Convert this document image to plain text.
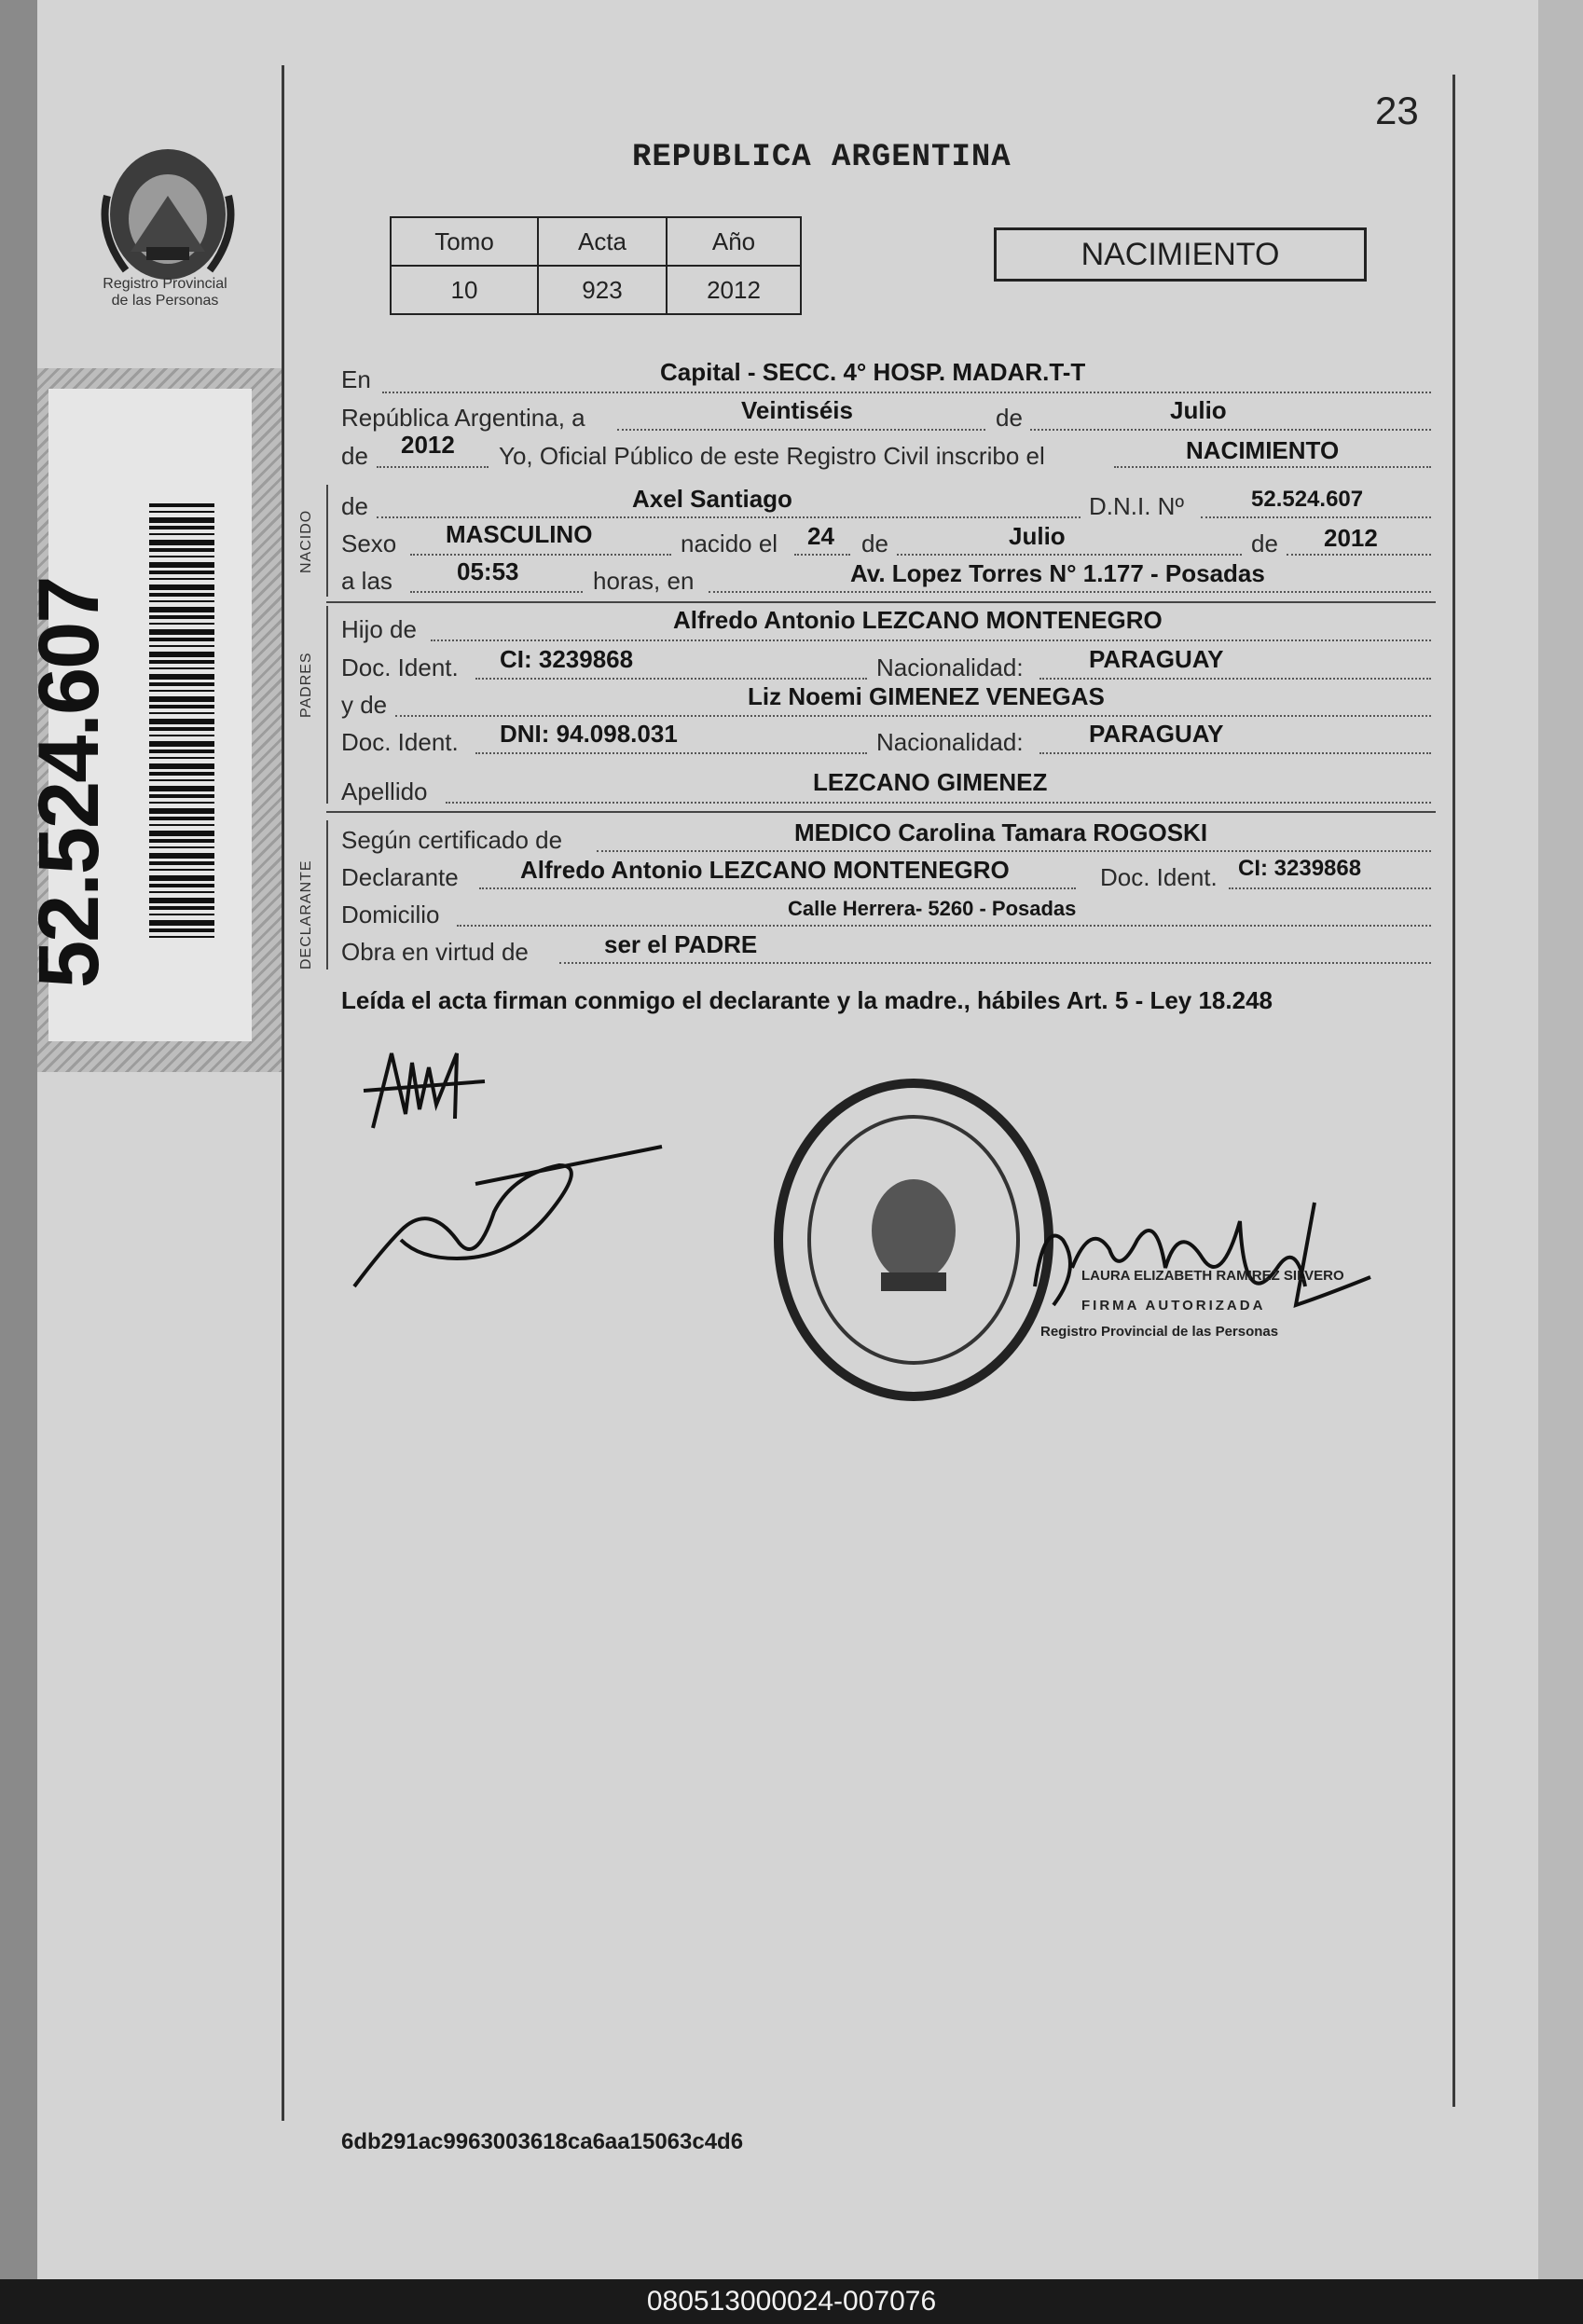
23
Registro Provincial
de las Personas
REPUBLICA ARGENTINA
Tomo	Acta	Año
10	923	2012
NACIMIENTO
52.524.607
NACIDO
PADRES
DECLARANTE
En	Capital - SECC. 4° HOSP. MADAR.T-T
República Argentina, a	Veintiséis	de	Julio
de 2012 Yo, Oficial Público de este Registro Civil inscribo el	NACIMIENTO
de	Axel Santiago	D.N.I. Nº	52.524.607
Sexo MASCULINO	nacido el 24 de	Julio	de 2012
a las	05:53	horas, en	Av. Lopez Torres N° 1.177 - Posadas
Hijo de	Alfredo Antonio LEZCANO MONTENEGRO
Doc. Ident. CI: 3239868	Nacionalidad:	PARAGUAY
y de	Liz Noemi GIMENEZ VENEGAS
Doc. Ident. DNI: 94.098.031	Nacionalidad:	PARAGUAY
Apellido	LEZCANO GIMENEZ
Según certificado de	MEDICO Carolina Tamara ROGOSKI
Declarante	Alfredo Antonio LEZCANO MONTENEGRO	Doc. Ident. CI: 3239868
Domicilio	Calle Herrera- 5260 - Posadas
Obra en virtud de	ser el PADRE
Leída el acta firman conmigo el declarante y la madre., hábiles Art. 5 - Ley 18.248
LAURA ELIZABETH RAMIREZ SILVERO
FIRMA AUTORIZADA
Registro Provincial de las Personas
6db291ac9963003618ca6aa15063c4d6
080513000024-007076
